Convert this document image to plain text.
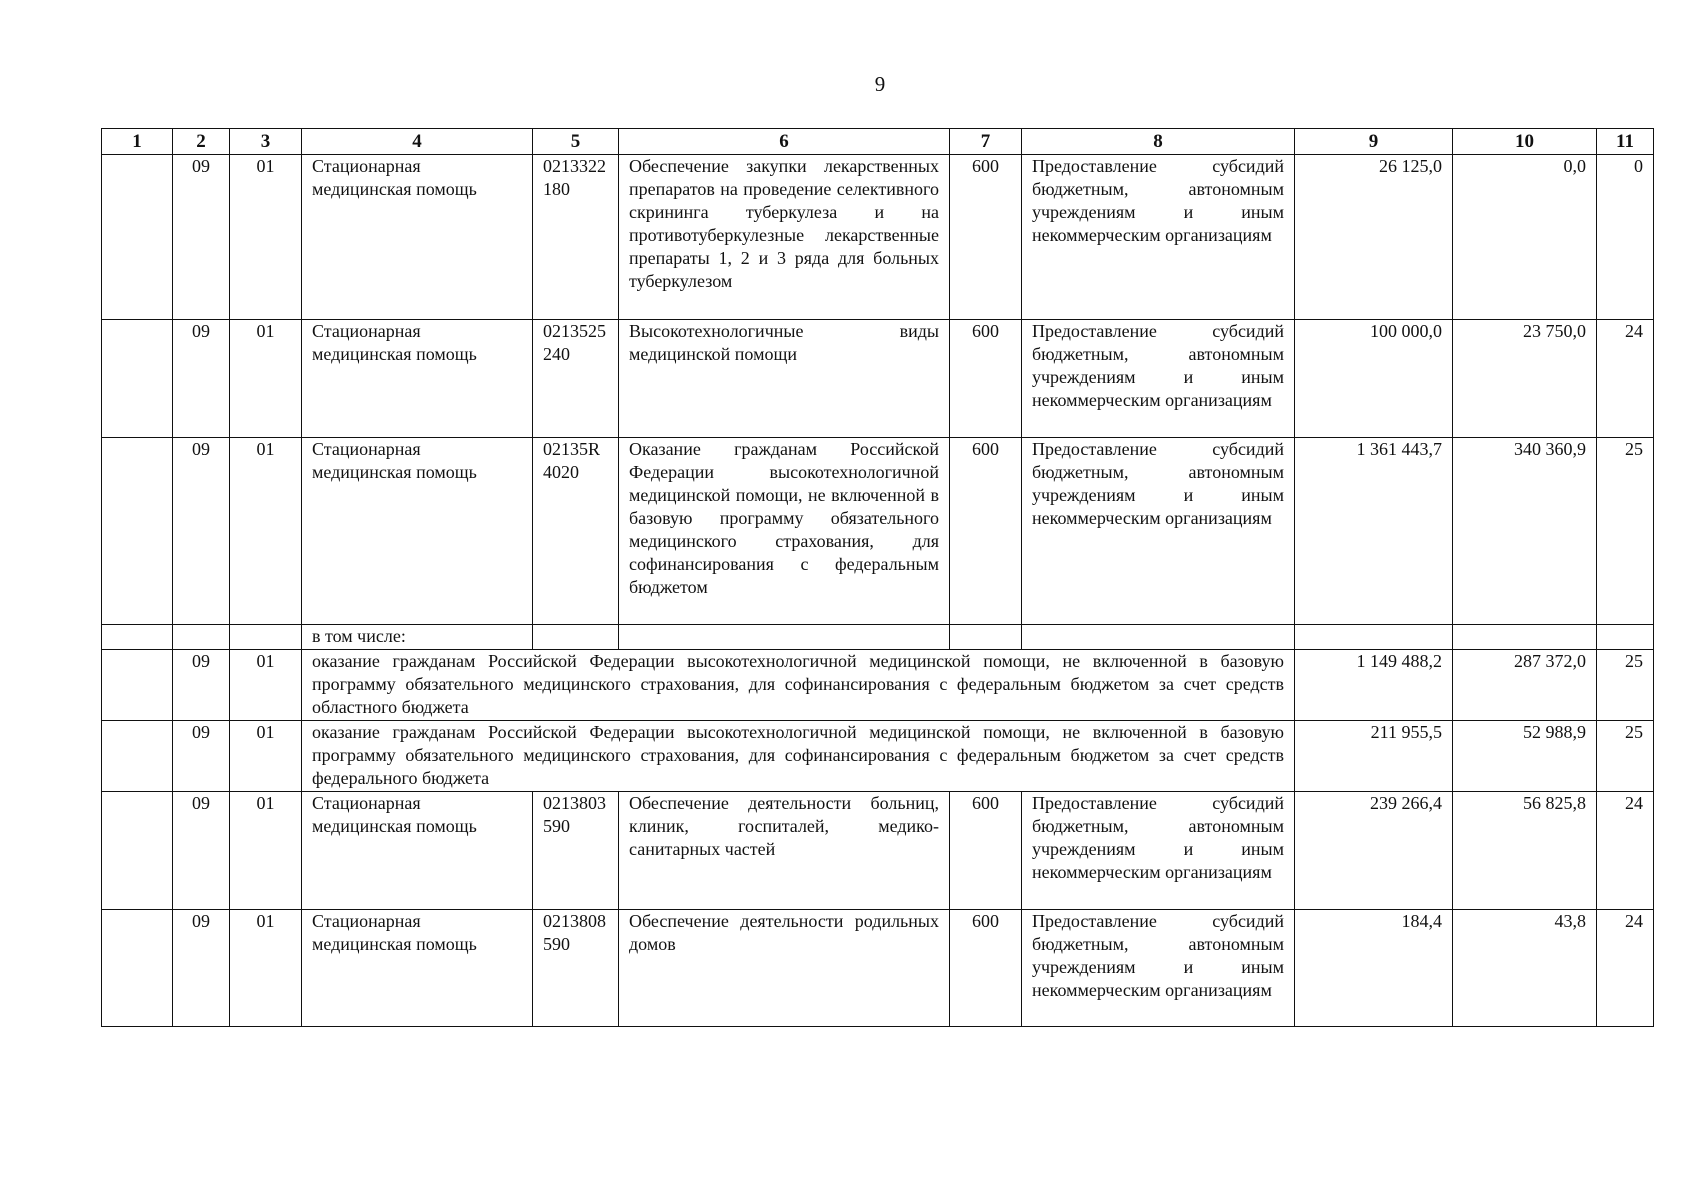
9
1	2	3	4	5	6	7	8	9	10	11
	09	01	Стационарная медицинская помощь	0213322180	Обеспечение закупки лекарственных препаратов на проведение селективного скрининга туберкулеза и на противотуберкулезные лекарственные препараты 1, 2 и 3 ряда для больных туберкулезом	600	Предоставление субсидий бюджетным, автономным учреждениям и иным некоммерческим организациям	26 125,0	0,0	0
	09	01	Стационарная медицинская помощь	0213525240	Высокотехнологичные виды медицинской помощи	600	Предоставление субсидий бюджетным, автономным учреждениям и иным некоммерческим организациям	100 000,0	23 750,0	24
	09	01	Стационарная медицинская помощь	02135R4020	Оказание гражданам Российской Федерации высокотехнологичной медицинской помощи, не включенной в базовую программу обязательного медицинского страхования, для софинансирования с федеральным бюджетом	600	Предоставление субсидий бюджетным, автономным учреждениям и иным некоммерческим организациям	1 361 443,7	340 360,9	25
			в том числе:							
	09	01	оказание гражданам Российской Федерации высокотехнологичной медицинской помощи, не включенной в базовую программу обязательного медицинского страхования, для софинансирования с федеральным бюджетом за счет средств областного бюджета					1 149 488,2	287 372,0	25
	09	01	оказание гражданам Российской Федерации высокотехнологичной медицинской помощи, не включенной в базовую программу обязательного медицинского страхования, для софинансирования с федеральным бюджетом за счет средств федерального бюджета					211 955,5	52 988,9	25
	09	01	Стационарная медицинская помощь	0213803590	Обеспечение деятельности больниц, клиник, госпиталей, медико-санитарных частей	600	Предоставление субсидий бюджетным, автономным учреждениям и иным некоммерческим организациям	239 266,4	56 825,8	24
	09	01	Стационарная медицинская помощь	0213808590	Обеспечение деятельности родильных домов	600	Предоставление субсидий бюджетным, автономным учреждениям и иным некоммерческим организациям	184,4	43,8	24
